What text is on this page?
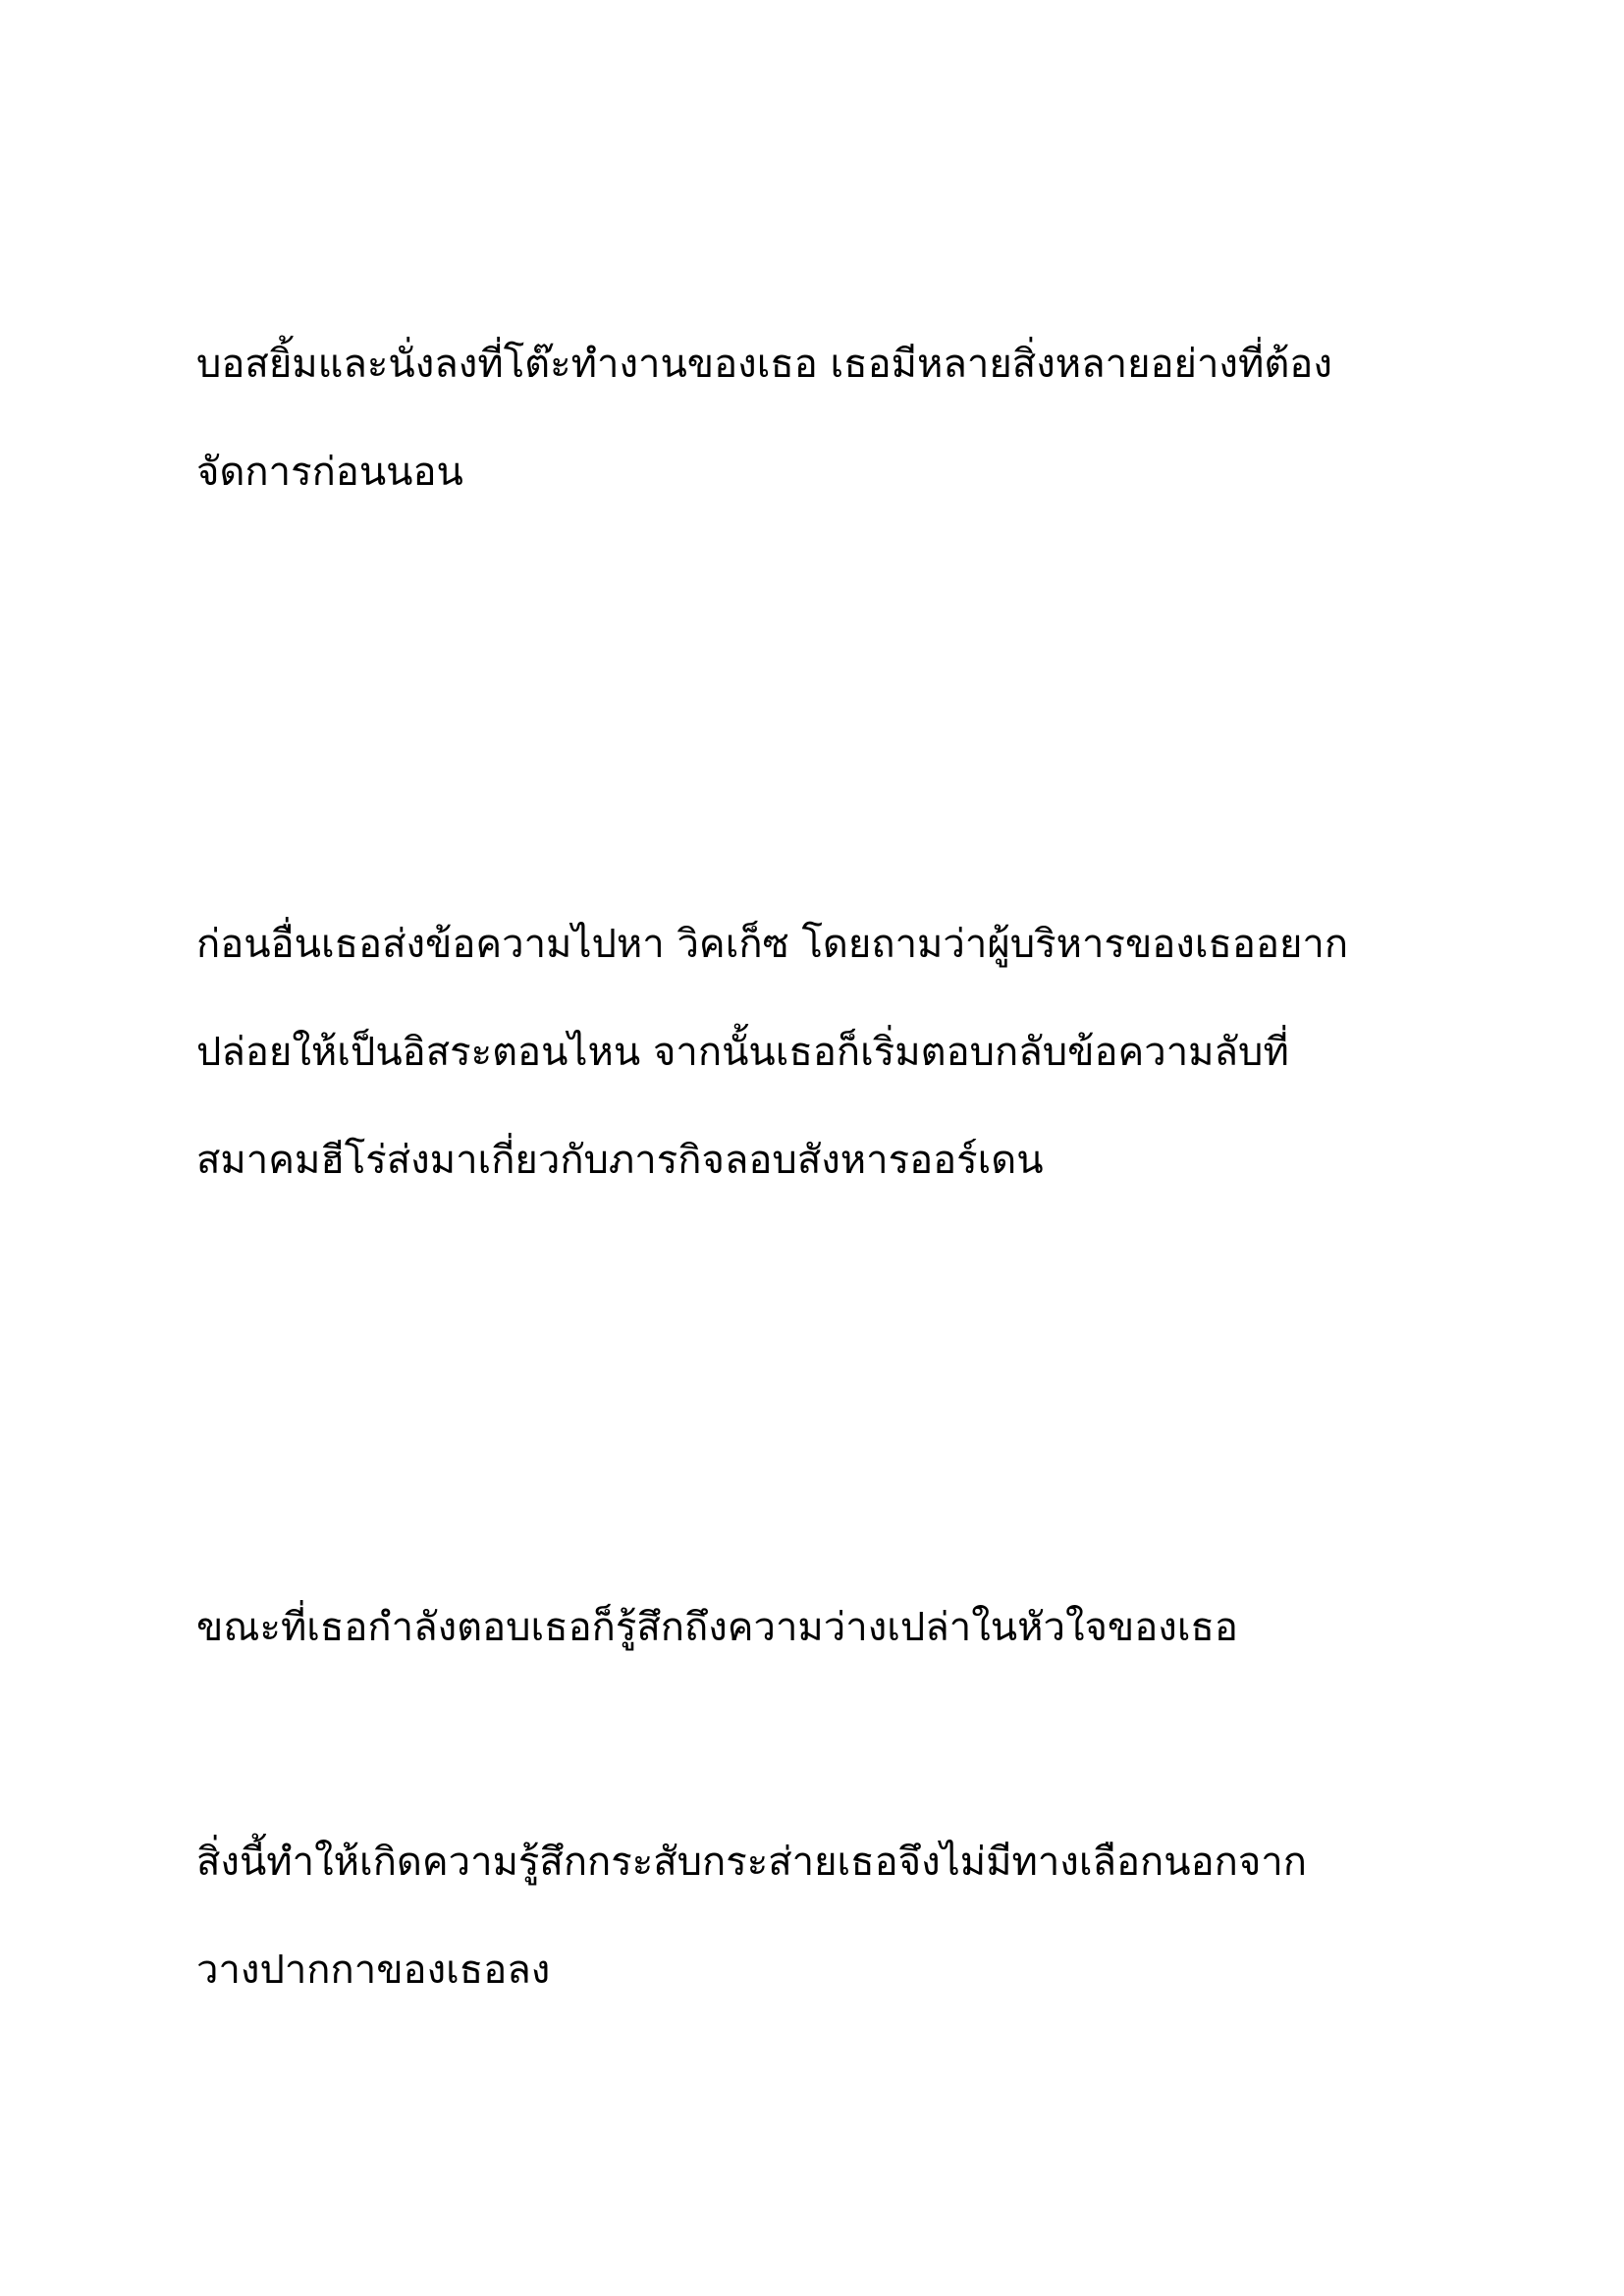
บอสยิ้มและนั่งลงที่โต๊ะทำงานของเธอ เธอมีหลายสิ่งหลายอย่างที่ต้อง
จัดการก่อนนอน
ก่อนอื่นเธอส่งข้อความไปหา วิคเก็ซ โดยถามว่าผู้บริหารของเธออยาก
ปล่อยให้เป็นอิสระตอนไหน จากนั้นเธอก็เริ่มตอบกลับข้อความลับที่
สมาคมฮีโร่ส่งมาเกี่ยวกับภารกิจลอบสังหารออร์เดน
ขณะที่เธอกำลังตอบเธอก็รู้สึกถึงความว่างเปล่าในหัวใจของเธอ
สิ่งนี้ทำให้เกิดความรู้สึกกระสับกระส่ายเธอจึงไม่มีทางเลือกนอกจาก
วางปากกาของเธอลง
